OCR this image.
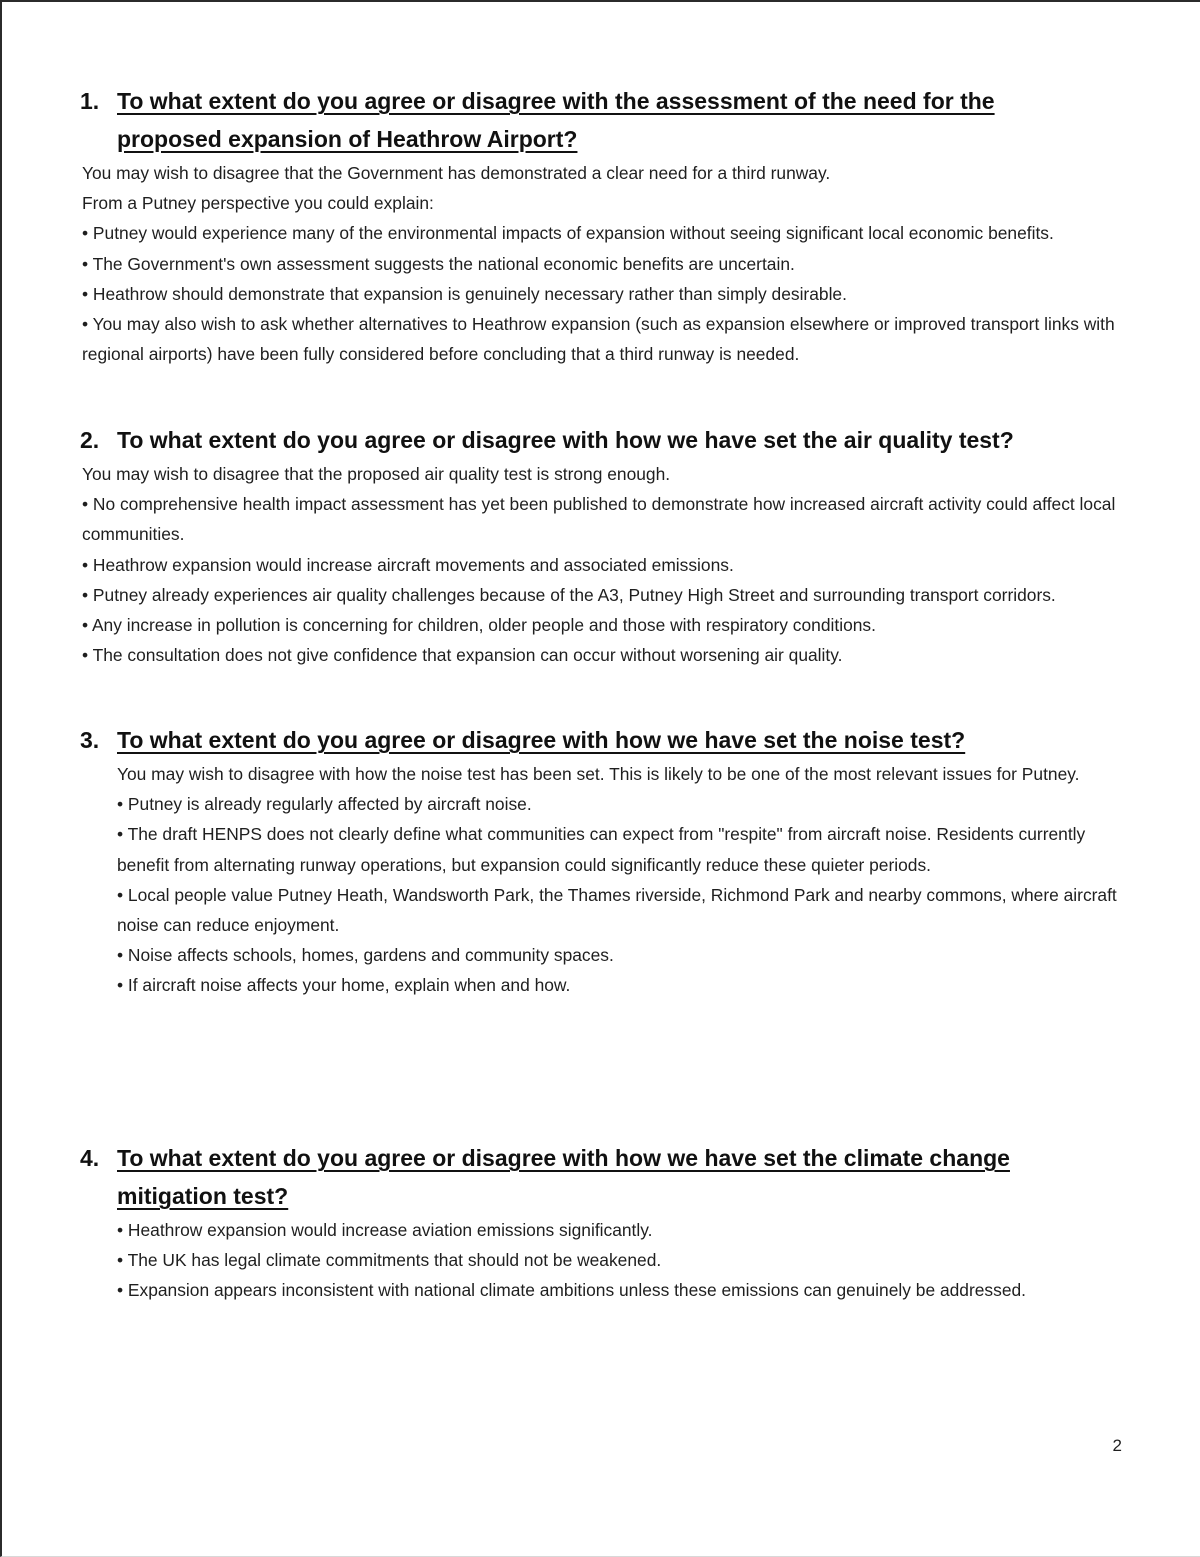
1. To what extent do you agree or disagree with the assessment of the need for the proposed expansion of Heathrow Airport?

You may wish to disagree that the Government has demonstrated a clear need for a third runway.

From a Putney perspective you could explain:

• Putney would experience many of the environmental impacts of expansion without seeing significant local economic benefits.

• The Government's own assessment suggests the national economic benefits are uncertain.

• Heathrow should demonstrate that expansion is genuinely necessary rather than simply desirable.

• You may also wish to ask whether alternatives to Heathrow expansion (such as expansion elsewhere or improved transport links with regional airports) have been fully considered before concluding that a third runway is needed.

2. To what extent do you agree or disagree with how we have set the air quality test?

You may wish to disagree that the proposed air quality test is strong enough.

• No comprehensive health impact assessment has yet been published to demonstrate how increased aircraft activity could affect local communities.

• Heathrow expansion would increase aircraft movements and associated emissions.

• Putney already experiences air quality challenges because of the A3, Putney High Street and surrounding transport corridors.

• Any increase in pollution is concerning for children, older people and those with respiratory conditions.

• The consultation does not give confidence that expansion can occur without worsening air quality.

3. To what extent do you agree or disagree with how we have set the noise test?

You may wish to disagree with how the noise test has been set. This is likely to be one of the most relevant issues for Putney.

• Putney is already regularly affected by aircraft noise.

• The draft HENPS does not clearly define what communities can expect from "respite" from aircraft noise. Residents currently benefit from alternating runway operations, but expansion could significantly reduce these quieter periods.

• Local people value Putney Heath, Wandsworth Park, the Thames riverside, Richmond Park and nearby commons, where aircraft noise can reduce enjoyment.

• Noise affects schools, homes, gardens and community spaces.

• If aircraft noise affects your home, explain when and how.

4. To what extent do you agree or disagree with how we have set the climate change mitigation test?

• Heathrow expansion would increase aviation emissions significantly.

• The UK has legal climate commitments that should not be weakened.

• Expansion appears inconsistent with national climate ambitions unless these emissions can genuinely be addressed.

2
